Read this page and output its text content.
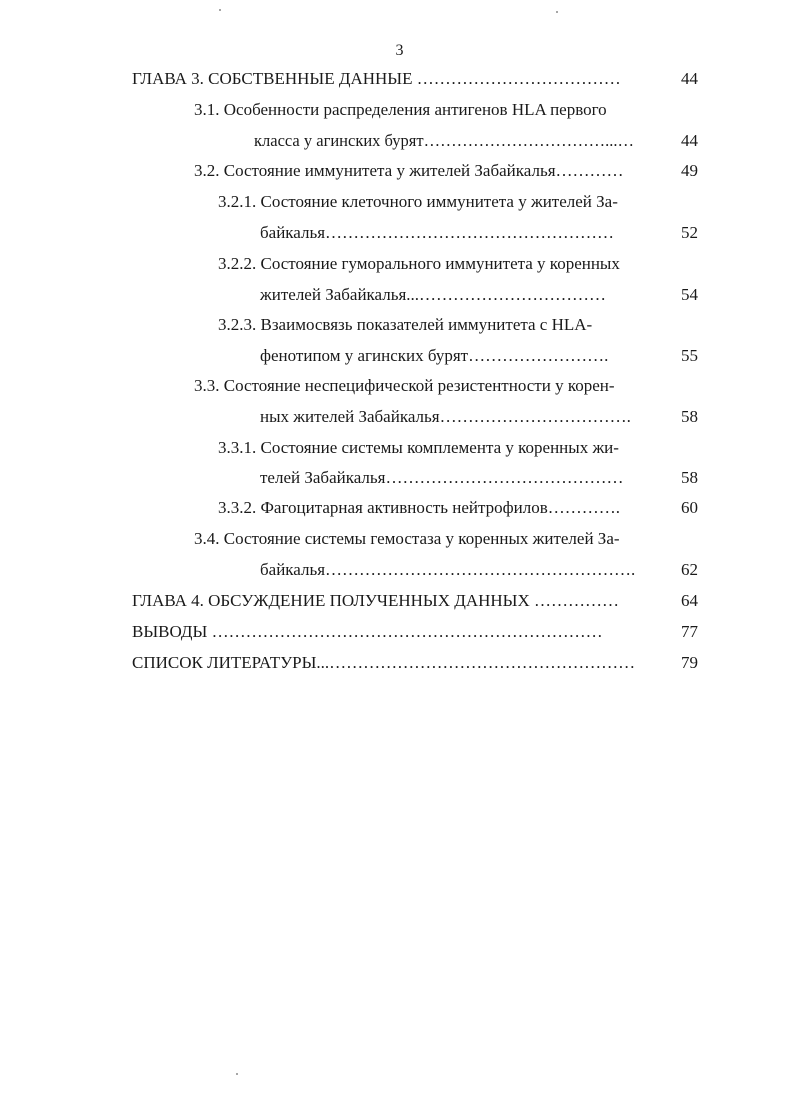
3
ГЛАВА 3. СОБСТВЕННЫЕ ДАННЫЕ ………………………………	44
3.1. Особенности распределения антигенов HLA первого
класса у агинских бурят……………………………...…	44
3.2. Состояние иммунитета у жителей Забайкалья…………	49
3.2.1. Состояние клеточного иммунитета у жителей За-
байкалья……………………………………………	52
3.2.2. Состояние гуморального иммунитета у коренных
жителей Забайкалья...……………………………	54
3.2.3. Взаимосвязь показателей иммунитета с HLA-
фенотипом у агинских бурят…………………….	55
3.3. Состояние неспецифической резистентности у корен-
ных жителей Забайкалья…………………………….	58
3.3.1. Состояние системы комплемента у коренных жи-
телей Забайкалья……………………………………	58
3.3.2. Фагоцитарная активность нейтрофилов………….	60
3.4. Состояние системы гемостаза у коренных жителей За-
байкалья……………………………………………….	62
ГЛАВА 4. ОБСУЖДЕНИЕ ПОЛУЧЕННЫХ ДАННЫХ ……………	64
ВЫВОДЫ ……………………………………………………………	77
СПИСОК ЛИТЕРАТУРЫ...………………………………………………	79
